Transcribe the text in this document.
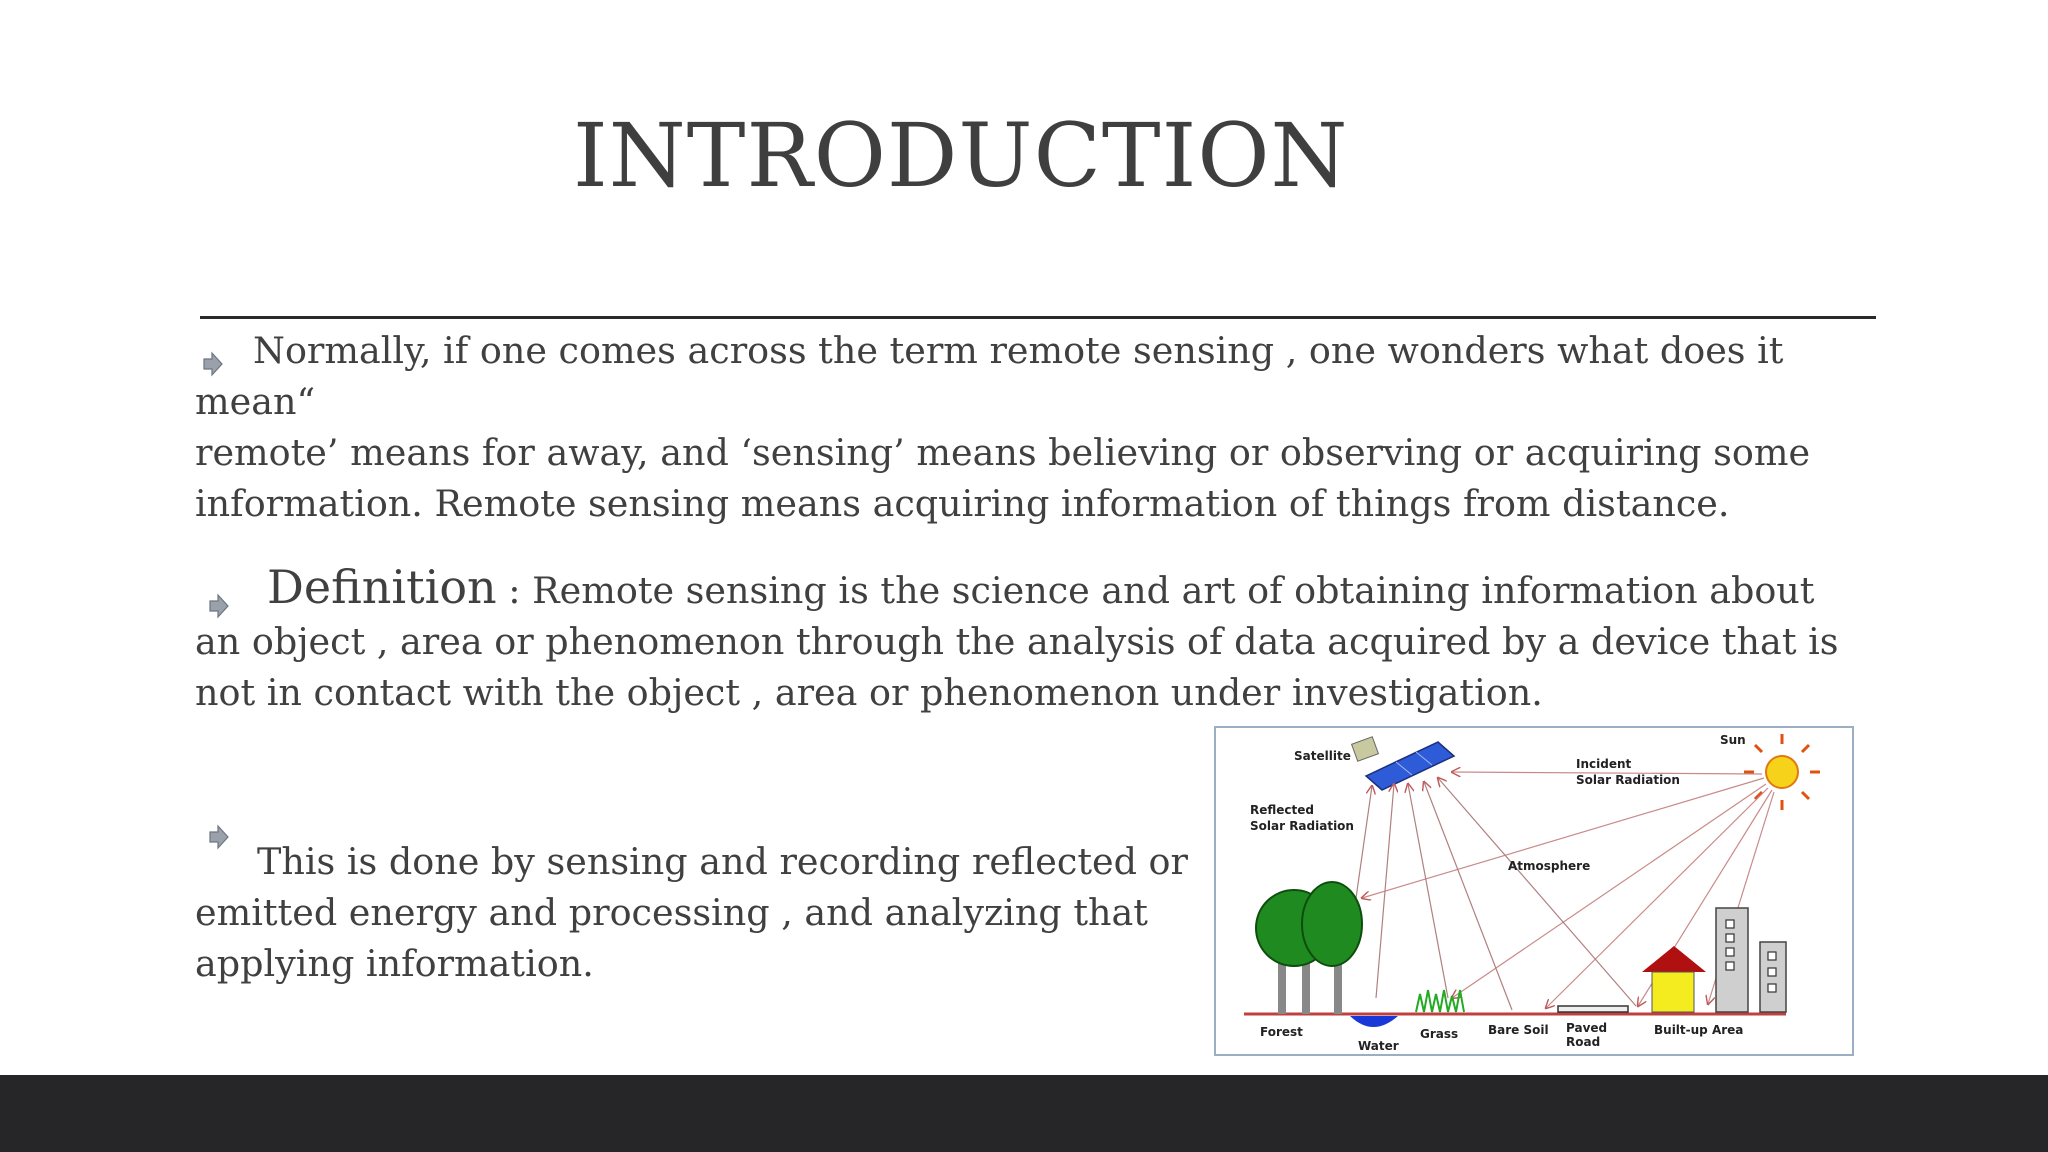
INTRODUCTION
Normally, if one comes across the term remote sensing , one wonders what does it
mean“
remote’ means for away, and ‘sensing’ means believing or observing or acquiring some
information. Remote sensing means acquiring information of things from distance.
Definition : Remote sensing is the science and art of obtaining information about
an object , area or phenomenon through the analysis of data acquired by a device that is
not in contact with the object , area or phenomenon under investigation.
This is done by sensing and recording reflected or
emitted energy and processing , and analyzing that
applying information.
Satellite
Sun
Incident
Solar Radiation
Reflected
Solar Radiation
Atmosphere
Forest
Water
Grass Bare Soil Paved
Road
Built-up Area
